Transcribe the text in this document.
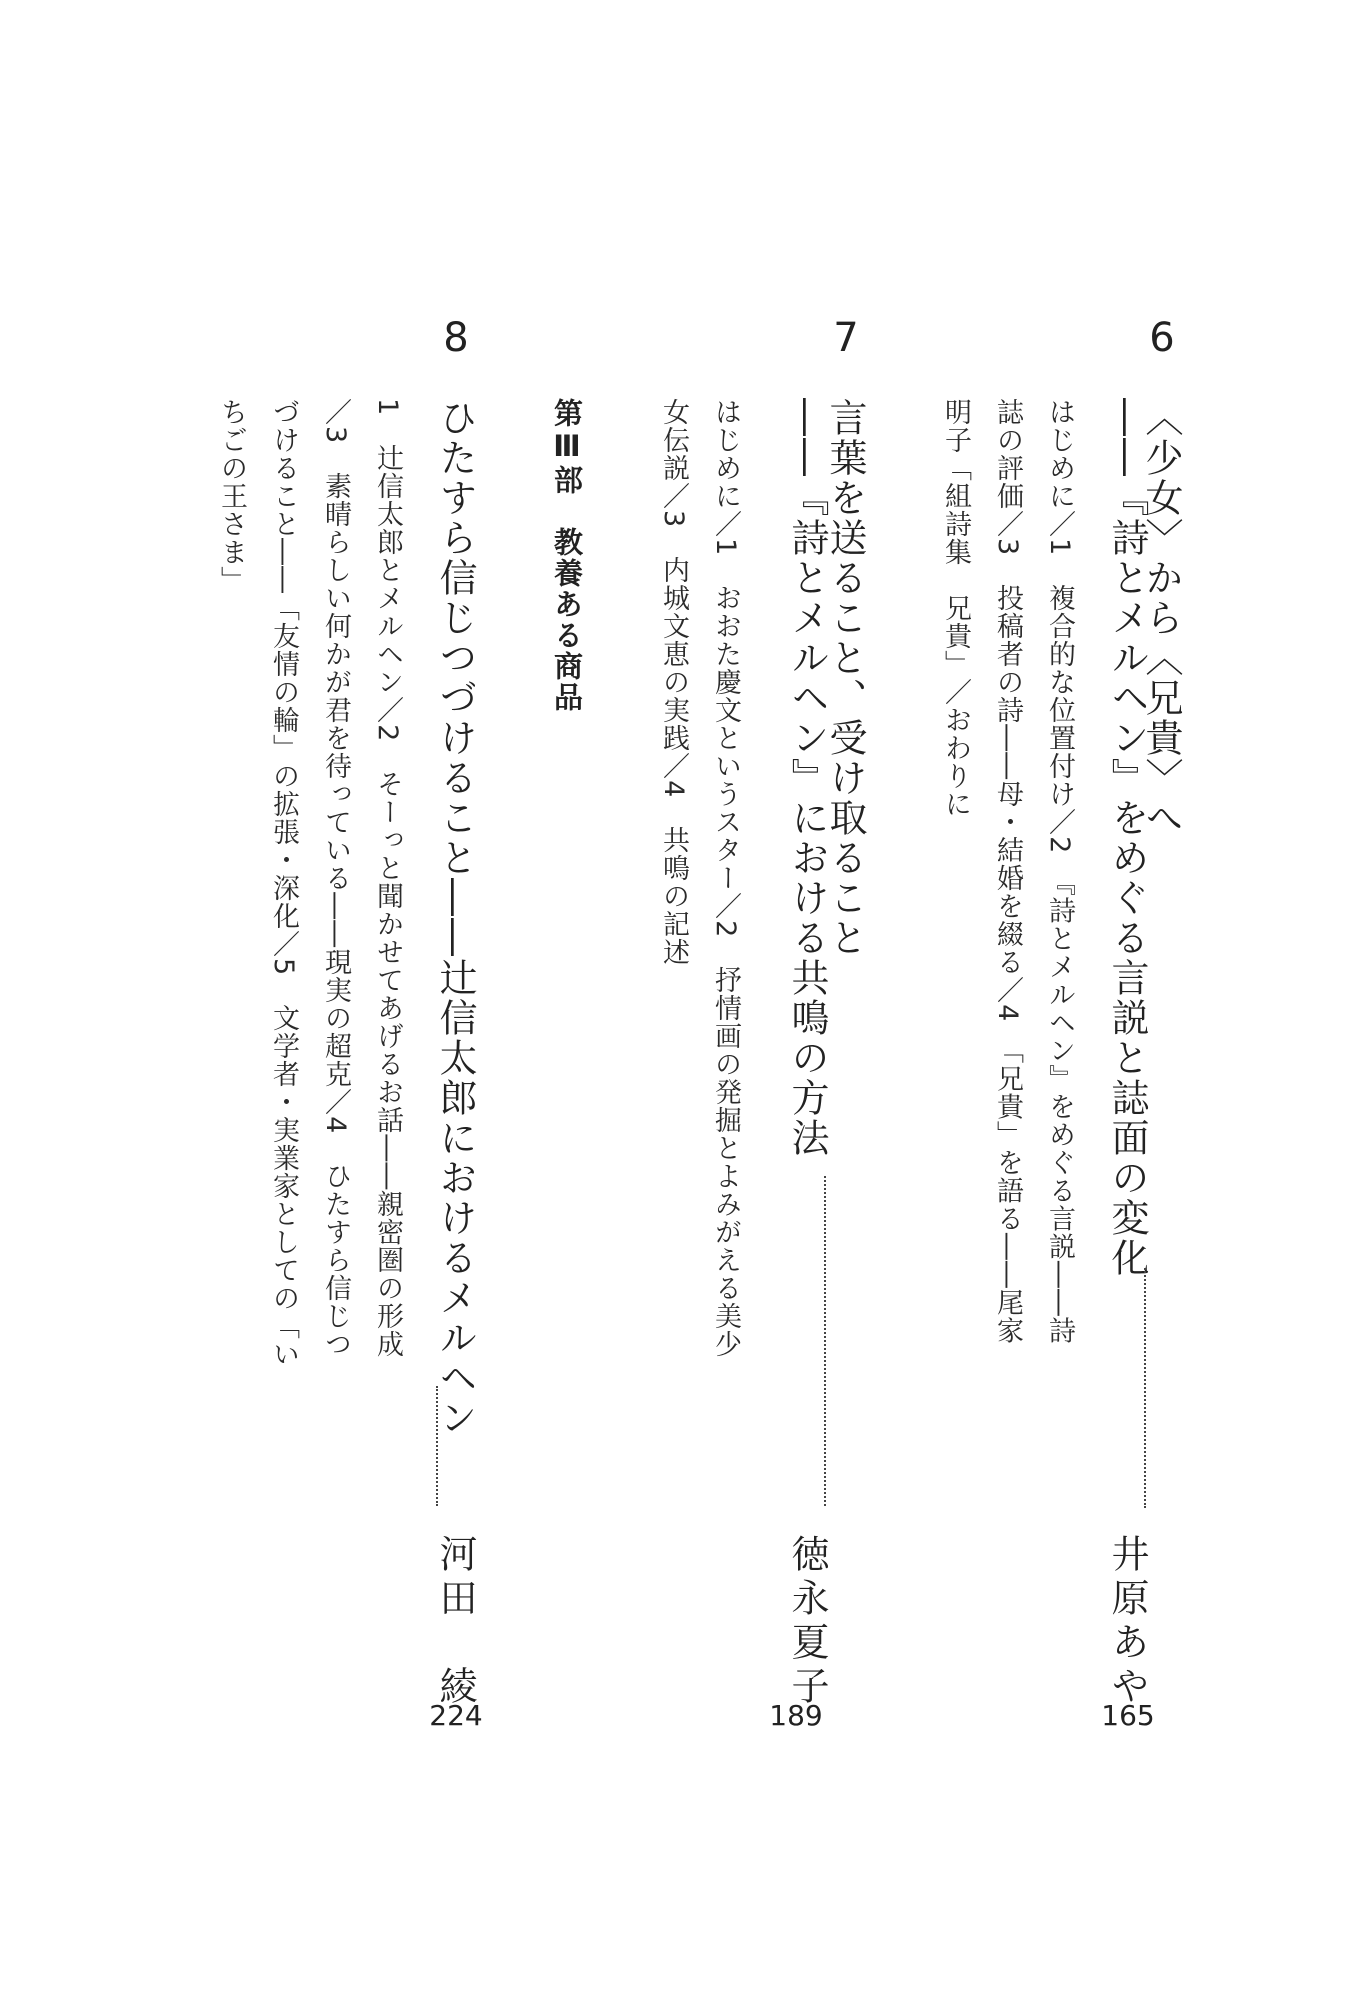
6
〈少女〉から〈兄貴〉へ
――『詩とメルヘン』をめぐる言説と誌面の変化
井原あや
はじめに／1　複合的な位置付け／2　『詩とメルヘン』をめぐる言説――詩
誌の評価／3　投稿者の詩――母・結婚を綴る／4　「兄貴」を語る――尾家
明子「組詩集　兄貴」／おわりに
165
7
言葉を送ること、受け取ること
――『詩とメルヘン』における共鳴の方法
徳永夏子
はじめに／1　おおた慶文というスター／2　抒情画の発掘とよみがえる美少
女伝説／3　内城文恵の実践／4　共鳴の記述
189
第Ⅲ部　教養ある商品
8
ひたすら信じつづけること――辻信太郎におけるメルヘン
河田　綾
1　辻信太郎とメルヘン／2　そーっと聞かせてあげるお話――親密圏の形成
／3　素晴らしい何かが君を待っている――現実の超克／4　ひたすら信じつ
づけること――「友情の輪」の拡張・深化／5　文学者・実業家としての「い
ちごの王さま」
224
